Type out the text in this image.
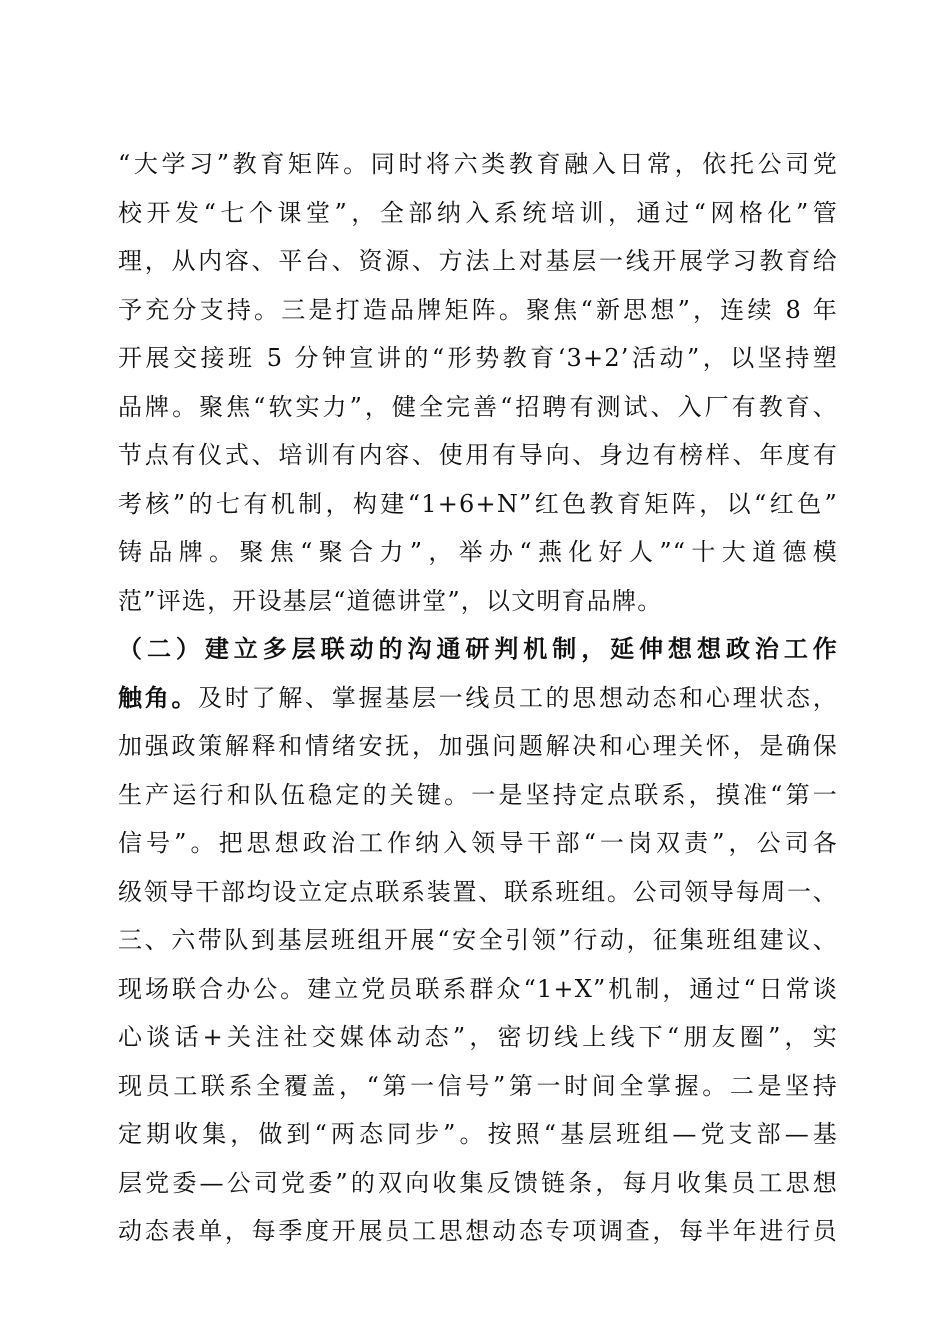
“大学习”教育矩阵。同时将六类教育融入日常，依托公司党
校开发“七个课堂”，全部纳入系统培训，通过“网格化”管
理，从内容、平台、资源、方法上对基层一线开展学习教育给
予充分支持。三是打造品牌矩阵。聚焦“新思想”，连续 8 年
开展交接班 5 分钟宣讲的“形势教育‘3+2’活动”，以坚持塑
品牌。聚焦“软实力”，健全完善“招聘有测试、入厂有教育、
节点有仪式、培训有内容、使用有导向、身边有榜样、年度有
考核”的七有机制，构建“1+6+N”红色教育矩阵，以“红色”
铸品牌。聚焦“聚合力”，举办“燕化好人”“十大道德模
范”评选，开设基层“道德讲堂”，以文明育品牌。
（二）建立多层联动的沟通研判机制，延伸想想政治工作
触角。及时了解、掌握基层一线员工的思想动态和心理状态，
加强政策解释和情绪安抚，加强问题解决和心理关怀，是确保
生产运行和队伍稳定的关键。一是坚持定点联系，摸准“第一
信号”。把思想政治工作纳入领导干部“一岗双责”，公司各
级领导干部均设立定点联系装置、联系班组。公司领导每周一、
三、六带队到基层班组开展“安全引领”行动，征集班组建议、
现场联合办公。建立党员联系群众“1+X”机制，通过“日常谈
心谈话+关注社交媒体动态”，密切线上线下“朋友圈”，实
现员工联系全覆盖，“第一信号”第一时间全掌握。二是坚持
定期收集，做到“两态同步”。按照“基层班组—党支部—基
层党委—公司党委”的双向收集反馈链条，每月收集员工思想
动态表单，每季度开展员工思想动态专项调查，每半年进行员
